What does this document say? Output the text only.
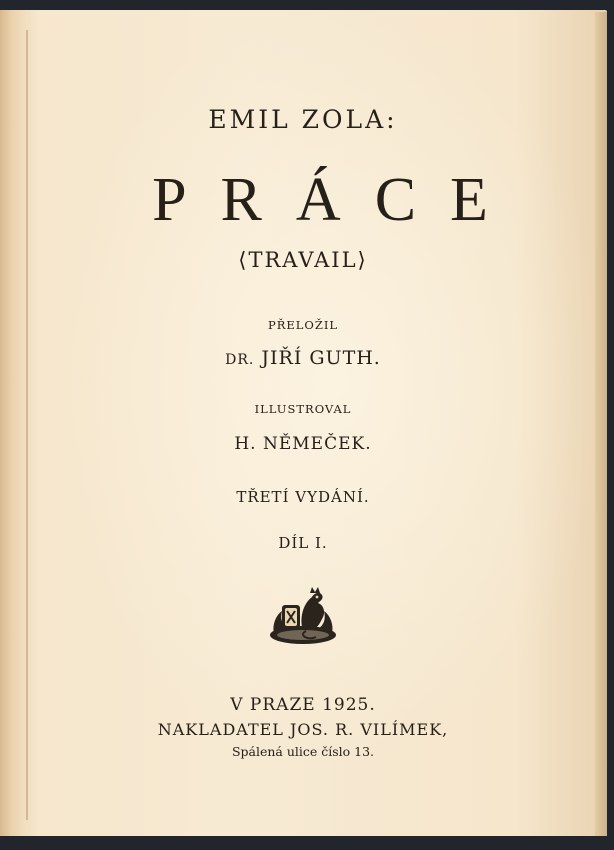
EMIL ZOLA:
PRÁCE
⟨TRAVAIL⟩
PŘELOŽIL
DR. JIŘÍ GUTH.
ILLUSTROVAL
H. NĚMEČEK.
TŘETÍ VYDÁNÍ.
DÍL I.
V PRAZE 1925.
NAKLADATEL JOS. R. VILÍMEK,
Spálená ulice číslo 13.
